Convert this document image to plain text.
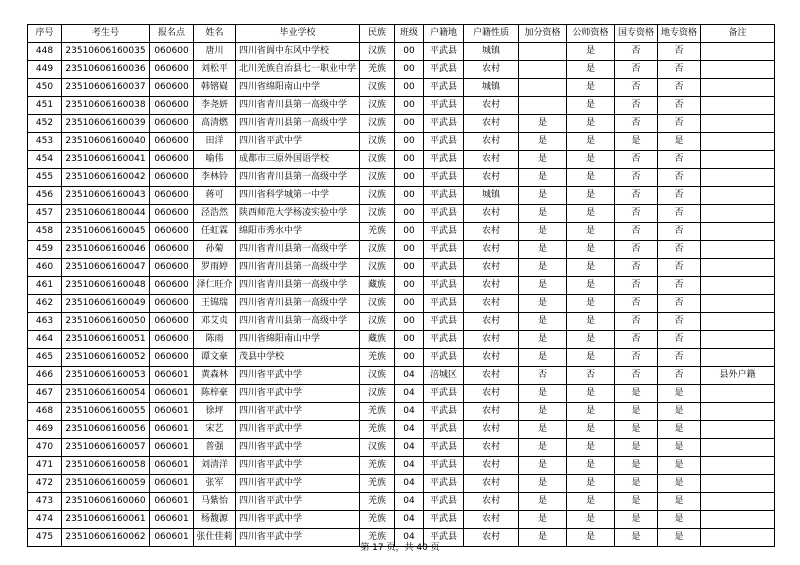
序号	考生号	报名点	姓名	毕业学校	民族	班级	户籍地	户籍性质	加分资格	公师资格	国专资格	地专资格	备注
448	23510606160035	060600	唐川	四川省阆中东风中学校	汉族	00	平武县	城镇		是	否	否	
449	23510606160036	060600	刘松平	北川羌族自治县七一职业中学	羌族	00	平武县	农村		是	否	否	
450	23510606160037	060600	韩镕嶷	四川省绵阳南山中学	汉族	00	平武县	城镇		是	否	否	
451	23510606160038	060600	李尧妍	四川省青川县第一高级中学	汉族	00	平武县	农村		是	否	否	
452	23510606160039	060600	高清燃	四川省青川县第一高级中学	汉族	00	平武县	农村	是	是	否	否	
453	23510606160040	060600	田洋	四川省平武中学	汉族	00	平武县	农村	是	是	是	是	
454	23510606160041	060600	喻伟	成都市三原外国语学校	汉族	00	平武县	农村	是	是	否	否	
455	23510606160042	060600	李林铃	四川省青川县第一高级中学	汉族	00	平武县	农村	是	是	否	否	
456	23510606160043	060600	蒋可	四川省科学城第一中学	汉族	00	平武县	城镇	是	是	否	否	
457	23510606180044	060600	泾浩然	陕西师范大学杨凌实验中学	汉族	00	平武县	农村	是	是	否	否	
458	23510606160045	060600	任虹霖	绵阳市秀水中学	羌族	00	平武县	农村	是	是	否	否	
459	23510606160046	060600	孙菊	四川省青川县第一高级中学	汉族	00	平武县	农村	是	是	否	否	
460	23510606160047	060600	罗雨婷	四川省青川县第一高级中学	汉族	00	平武县	农村	是	是	否	否	
461	23510606160048	060600	泽仁旺介	四川省青川县第一高级中学	藏族	00	平武县	农村	是	是	否	否	
462	23510606160049	060600	王锦瑞	四川省青川县第一高级中学	汉族	00	平武县	农村	是	是	否	否	
463	23510606160050	060600	邓艾贞	四川省青川县第一高级中学	汉族	00	平武县	农村	是	是	否	否	
464	23510606160051	060600	陈雨	四川省绵阳南山中学	藏族	00	平武县	农村	是	是	否	否	
465	23510606160052	060600	谭文豪	茂县中学校	羌族	00	平武县	农村	是	是	否	否	
466	23510606160053	060601	黄森林	四川省平武中学	汉族	04	涪城区	农村	否	否	否	否	县外户籍
467	23510606160054	060601	陈梓豪	四川省平武中学	汉族	04	平武县	农村	是	是	是	是	
468	23510606160055	060601	徐坪	四川省平武中学	羌族	04	平武县	农村	是	是	是	是	
469	23510606160056	060601	宋艺	四川省平武中学	羌族	04	平武县	农村	是	是	是	是	
470	23510606160057	060601	普强	四川省平武中学	汉族	04	平武县	农村	是	是	是	是	
471	23510606160058	060601	刘清洋	四川省平武中学	羌族	04	平武县	农村	是	是	是	是	
472	23510606160059	060601	张军	四川省平武中学	羌族	04	平武县	农村	是	是	是	是	
473	23510606160060	060601	马紫怡	四川省平武中学	羌族	04	平武县	农村	是	是	是	是	
474	23510606160061	060601	杨馥源	四川省平武中学	羌族	04	平武县	农村	是	是	是	是	
475	23510606160062	060601	张仕佳莉	四川省平武中学	羌族	04	平武县	农村	是	是	是	是	
第 17 页，共 40 页
